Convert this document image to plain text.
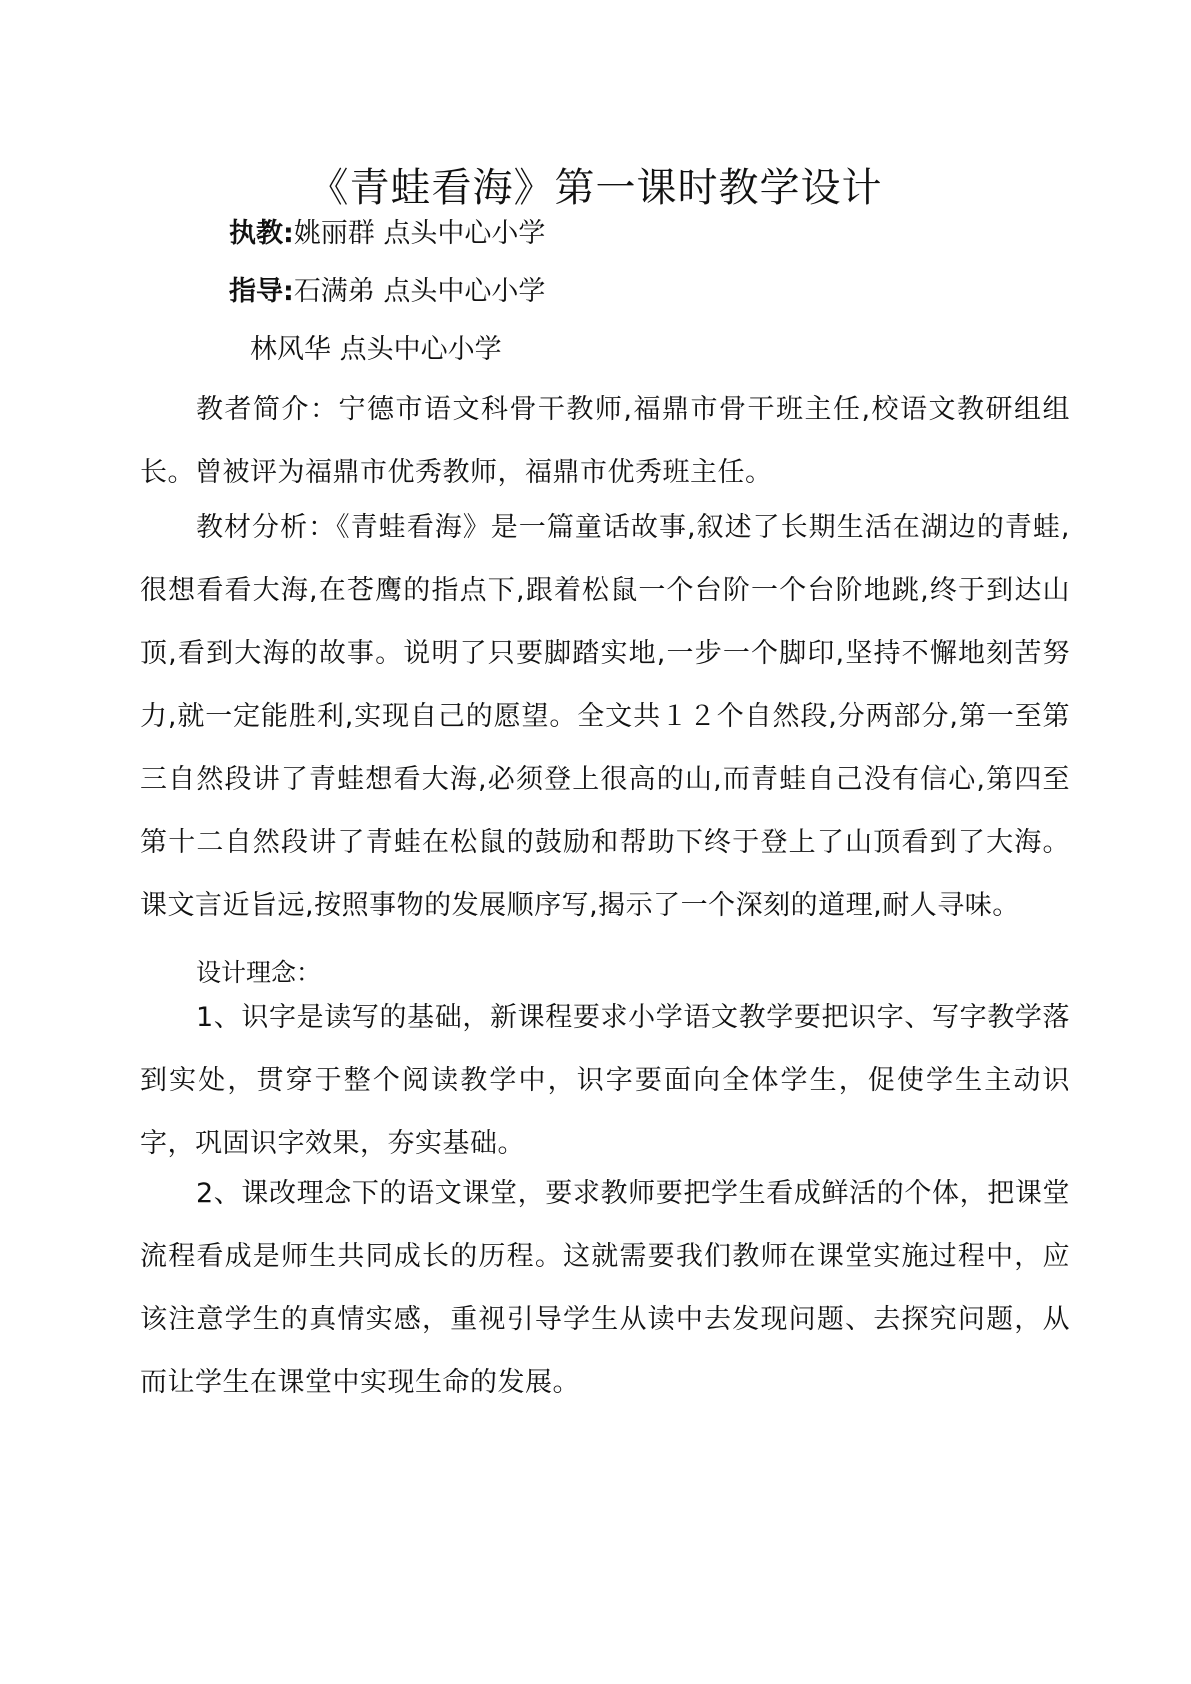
《青蛙看海》第一课时教学设计
执教:姚丽群 点头中心小学
指导:石满弟 点头中心小学
林风华 点头中心小学
教者简介：宁德市语文科骨干教师,福鼎市骨干班主任,校语文教研组组长。曾被评为福鼎市优秀教师，福鼎市优秀班主任。
教材分析：《青蛙看海》是一篇童话故事,叙述了长期生活在湖边的青蛙,很想看看大海,在苍鹰的指点下,跟着松鼠一个台阶一个台阶地跳,终于到达山顶,看到大海的故事。说明了只要脚踏实地,一步一个脚印,坚持不懈地刻苦努力,就一定能胜利,实现自己的愿望。全文共１２个自然段,分两部分,第一至第三自然段讲了青蛙想看大海,必须登上很高的山,而青蛙自己没有信心,第四至第十二自然段讲了青蛙在松鼠的鼓励和帮助下终于登上了山顶看到了大海。课文言近旨远,按照事物的发展顺序写,揭示了一个深刻的道理,耐人寻味。
设计理念：
1、识字是读写的基础，新课程要求小学语文教学要把识字、写字教学落到实处，贯穿于整个阅读教学中，识字要面向全体学生，促使学生主动识字，巩固识字效果，夯实基础。
2、课改理念下的语文课堂，要求教师要把学生看成鲜活的个体，把课堂流程看成是师生共同成长的历程。这就需要我们教师在课堂实施过程中，应该注意学生的真情实感，重视引导学生从读中去发现问题、去探究问题，从而让学生在课堂中实现生命的发展。
